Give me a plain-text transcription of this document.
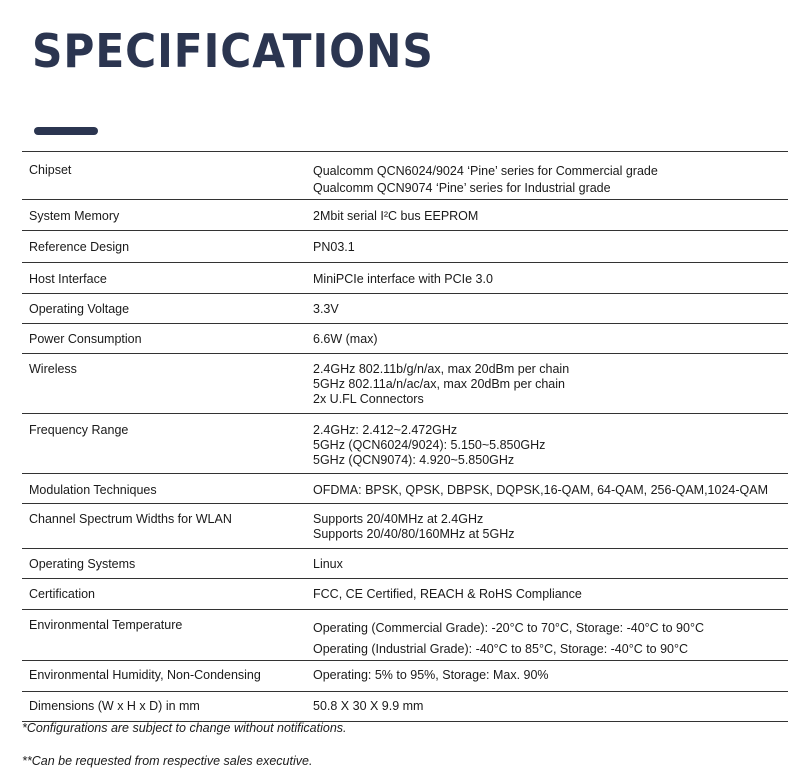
SPECIFICATIONS
Chipset	Qualcomm QCN6024/9024 ‘Pine’ series for Commercial grade
Qualcomm QCN9074 ‘Pine’ series for Industrial grade

System Memory	2Mbit serial I²C bus EEPROM

Reference Design	PN03.1

Host Interface	MiniPCIe interface with PCIe 3.0

Operating Voltage	3.3V

Power Consumption	6.6W (max)

Wireless	2.4GHz 802.11b/g/n/ax, max 20dBm per chain
5GHz 802.11a/n/ac/ax, max 20dBm per chain
2x U.FL Connectors

Frequency Range	2.4GHz: 2.412~2.472GHz
5GHz (QCN6024/9024): 5.150~5.850GHz
5GHz (QCN9074): 4.920~5.850GHz

Modulation Techniques	OFDMA: BPSK, QPSK, DBPSK, DQPSK,16-QAM, 64-QAM, 256-QAM,1024-QAM

Channel Spectrum Widths for WLAN	Supports 20/40MHz at 2.4GHz
Supports 20/40/80/160MHz at 5GHz

Operating Systems	Linux

Certification	FCC, CE Certified, REACH & RoHS Compliance

Environmental Temperature	Operating (Commercial Grade): -20°C to 70°C, Storage: -40°C to 90°C
Operating (Industrial Grade): -40°C to 85°C, Storage: -40°C to 90°C

Environmental Humidity, Non-Condensing	Operating: 5% to 95%, Storage: Max. 90%

Dimensions (W x H x D) in mm	50.8 X 30 X 9.9 mm
*Configurations are subject to change without notifications.
**Can be requested from respective sales executive.
